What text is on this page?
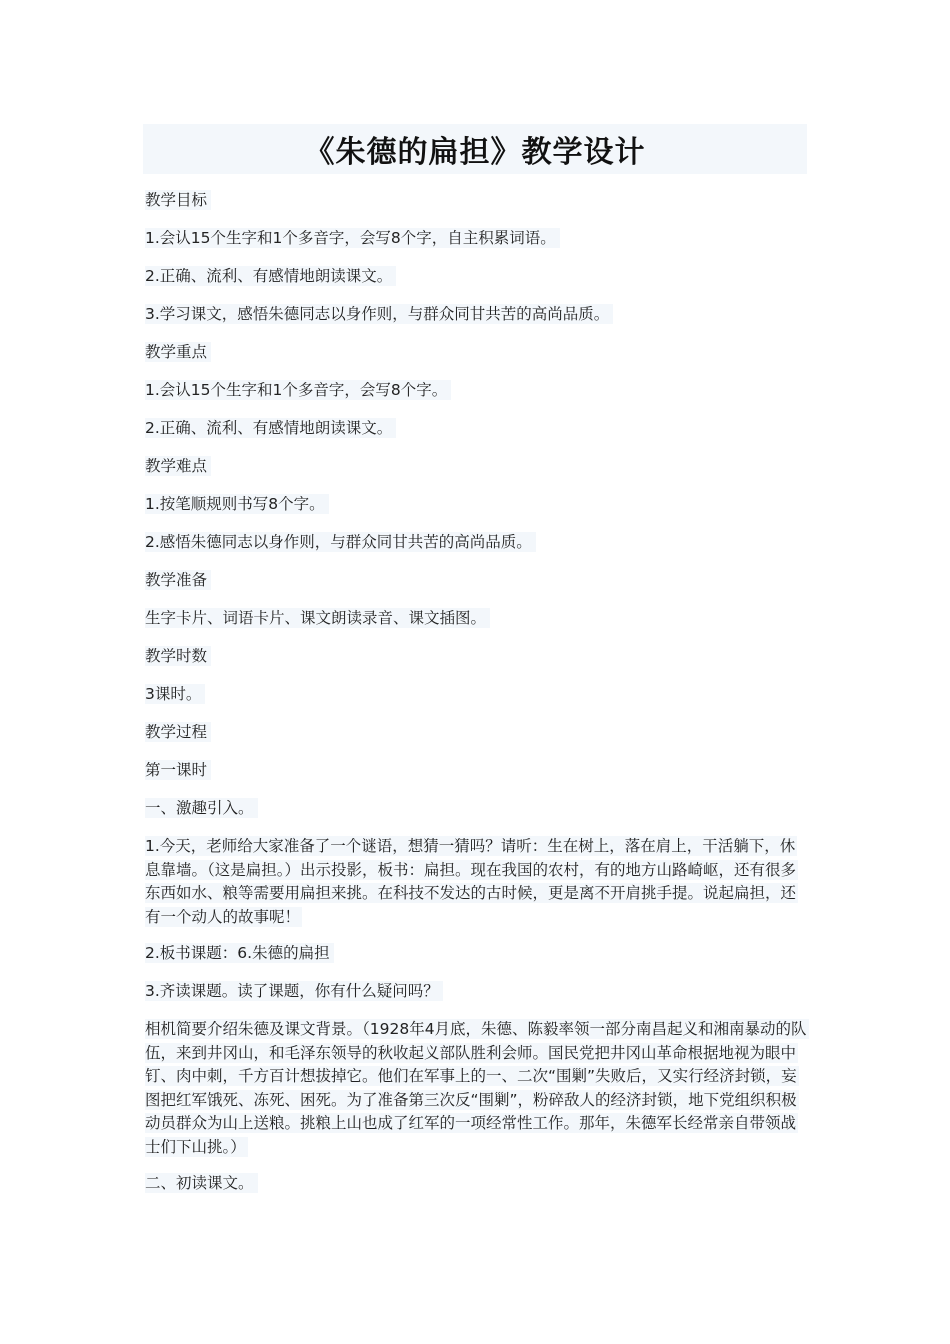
《朱德的扁担》教学设计

教学目标

1.会认15个生字和1个多音字，会写8个字，自主积累词语。

2.正确、流利、有感情地朗读课文。

3.学习课文，感悟朱德同志以身作则，与群众同甘共苦的高尚品质。

教学重点

1.会认15个生字和1个多音字，会写8个字。

2.正确、流利、有感情地朗读课文。

教学难点

1.按笔顺规则书写8个字。

2.感悟朱德同志以身作则，与群众同甘共苦的高尚品质。

教学准备

生字卡片、词语卡片、课文朗读录音、课文插图。

教学时数

3课时。

教学过程

第一课时

一、激趣引入。

1.今天，老师给大家准备了一个谜语，想猜一猜吗？请听：生在树上，落在肩上，干活躺下，休息靠墙。（这是扁担。）出示投影，板书：扁担。现在我国的农村，有的地方山路崎岖，还有很多东西如水、粮等需要用扁担来挑。在科技不发达的古时候，更是离不开肩挑手提。说起扁担，还有一个动人的故事呢！

2.板书课题：6.朱德的扁担

3.齐读课题。读了课题，你有什么疑问吗？

相机简要介绍朱德及课文背景。（1928年4月底，朱德、陈毅率领一部分南昌起义和湘南暴动的队伍，来到井冈山，和毛泽东领导的秋收起义部队胜利会师。国民党把井冈山革命根据地视为眼中钉、肉中刺，千方百计想拔掉它。他们在军事上的一、二次“围剿”失败后，又实行经济封锁，妄图把红军饿死、冻死、困死。为了准备第三次反“围剿”，粉碎敌人的经济封锁，地下党组织积极动员群众为山上送粮。挑粮上山也成了红军的一项经常性工作。那年，朱德军长经常亲自带领战士们下山挑。）

二、初读课文。
